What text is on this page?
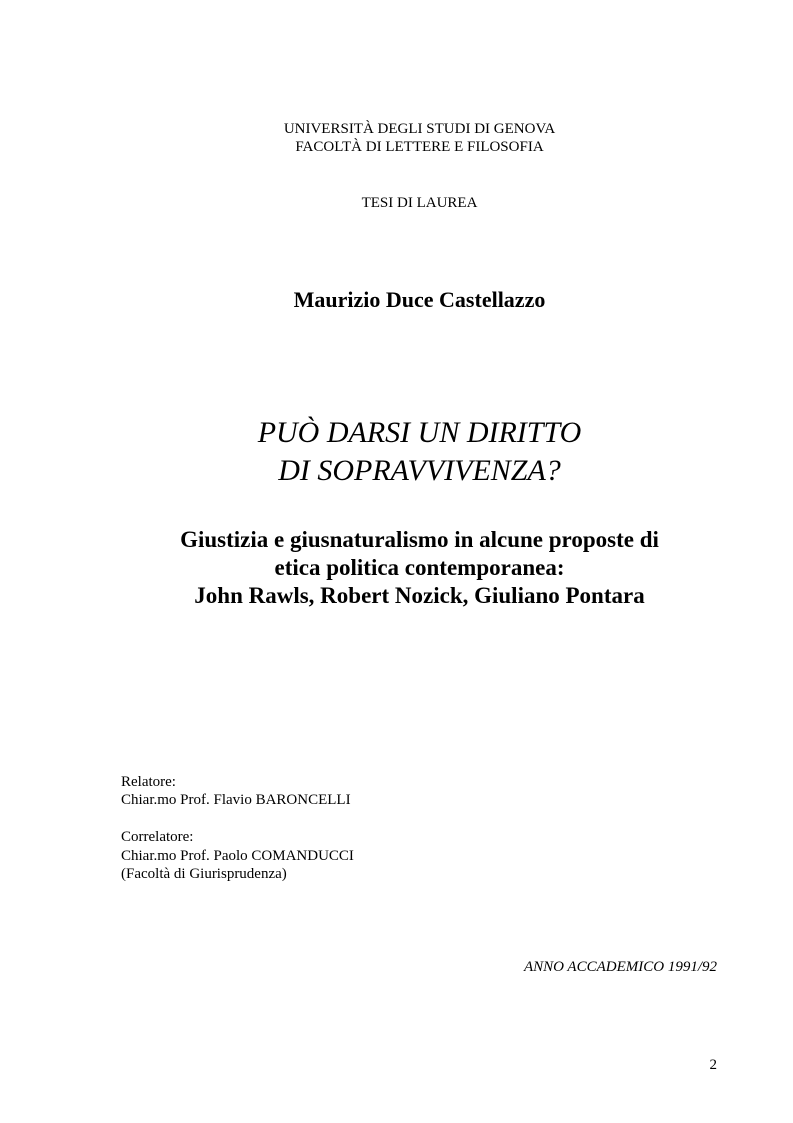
UNIVERSITÀ DEGLI STUDI DI GENOVA
FACOLTÀ DI LETTERE E FILOSOFIA
TESI DI LAUREA
Maurizio Duce Castellazzo
PUÒ DARSI UN DIRITTO
DI SOPRAVVIVENZA?
Giustizia e giusnaturalismo in alcune proposte di
etica politica contemporanea:
John Rawls, Robert Nozick, Giuliano Pontara
Relatore:
Chiar.mo Prof. Flavio BARONCELLI
Correlatore:
Chiar.mo Prof. Paolo COMANDUCCI
(Facoltà di Giurisprudenza)
ANNO ACCADEMICO 1991/92
2
